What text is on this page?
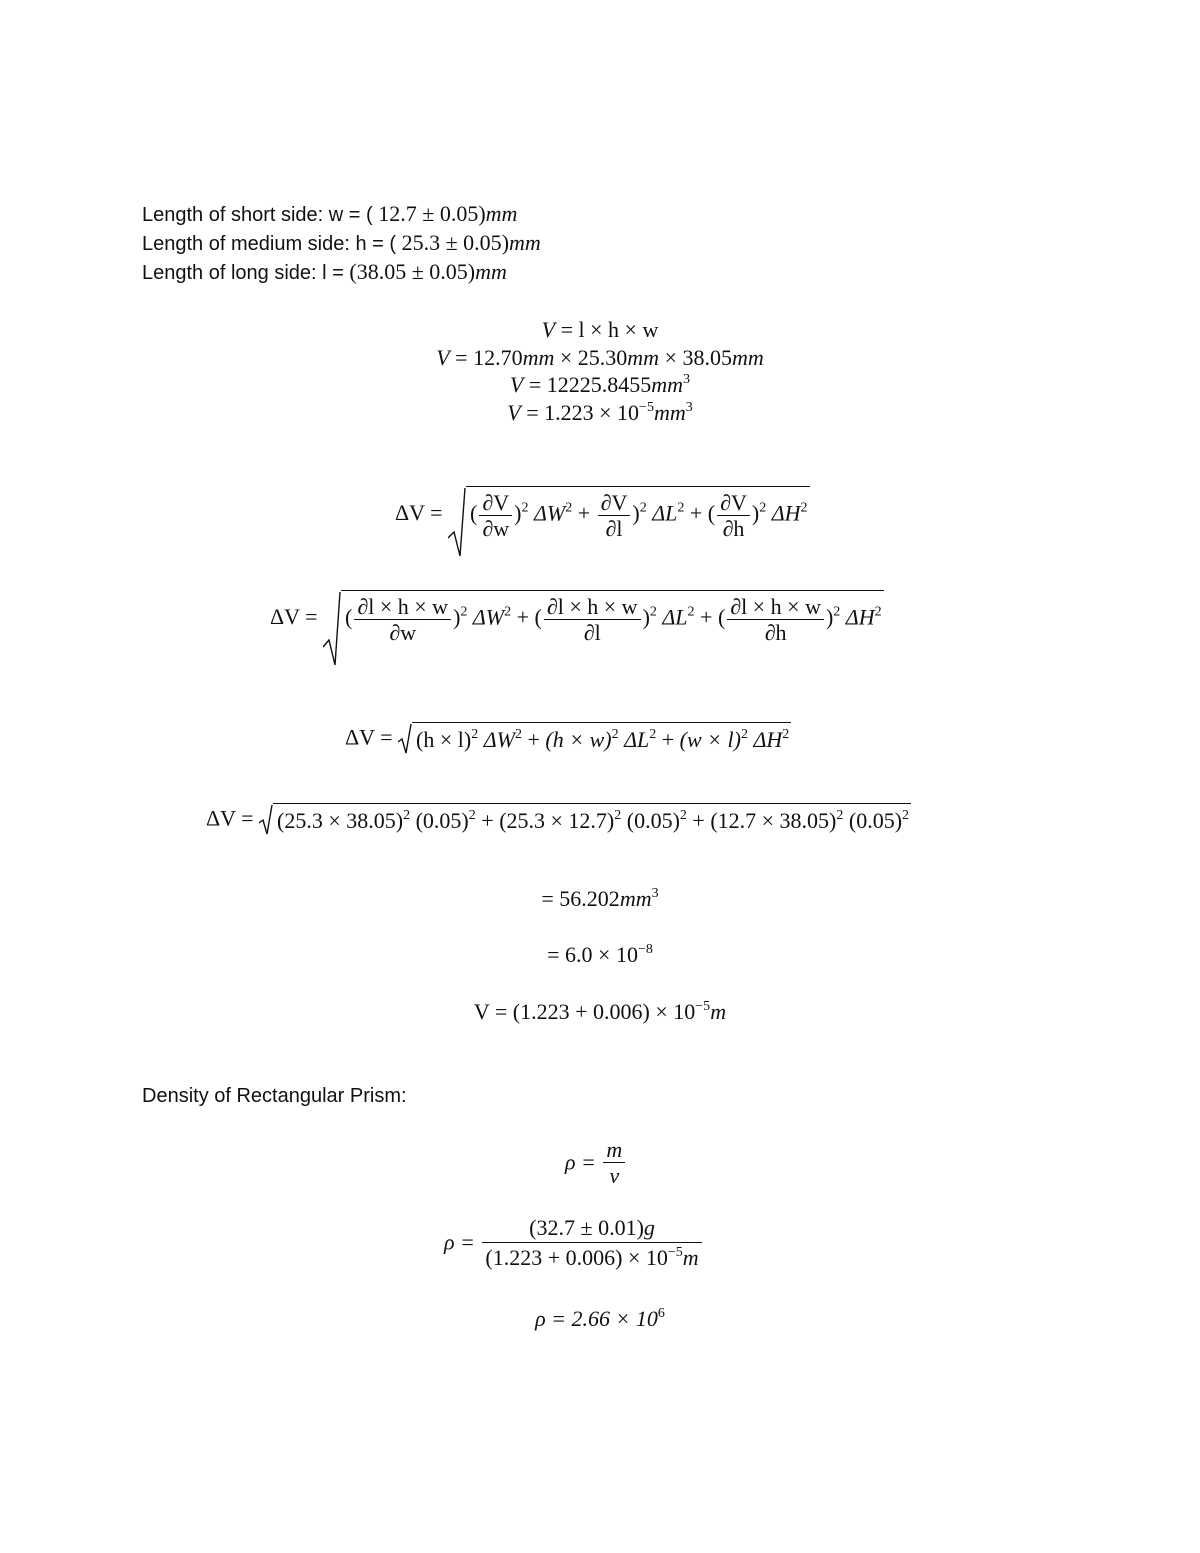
Length of short side: w = ( 12.7 ± 0.05)mm
Length of medium side: h = ( 25.3 ± 0.05)mm
Length of long side: l = (38.05 ± 0.05)mm
V = l × h × w
V = 12.70mm × 25.30mm × 38.05mm
$V = 12225.8455mm^3$
$V = 1.223 \times 10^{-5}mm^3$
ΔV =
( $\frac{\partial V}{\partial w} )^2$ $\Delta W^2 + \frac{\partial V}{\partial l} )^2$ $\Delta L^2$ + ( $\frac{\partial V}{\partial h} )^2$ $\Delta H^2$
ΔV =
( $\frac{\partial l \times h \times w}{\partial w} )^2$ $\Delta W^2$ + ( $\frac{\partial l \times h \times w}{\partial l} )^2$ $\Delta L^2$ + ( $\frac{\partial l \times h \times w}{\partial h} )^2$ $\Delta H^2$
$\Delta V = (h \times l)^2$ $\Delta W^2 + (h \times w)^2$ $\Delta L^2 + (w \times l)^2$ $\Delta H^2$
$\Delta V = (25.3 \times 38.05)^2$ $(0.05)^2 + (25.3 \times 12.7)^2$ $(0.05)^2 + (12.7 \times 38.05)^2$ $(0.05)^2$
= $56.202mm^3$
= $6.0 \times 10^{-8}$
$V = (1.223 + 0.006) \times 10^{-5}m$
Density of Rectangular Prism:
$\rho = \frac{m}{v}$
$\rho = \frac{(32.7 \pm 0.01)g}{(1.223 + 0.006) \times 10^{-5}m}$
$\rho = 2.66 \times 10^6$
